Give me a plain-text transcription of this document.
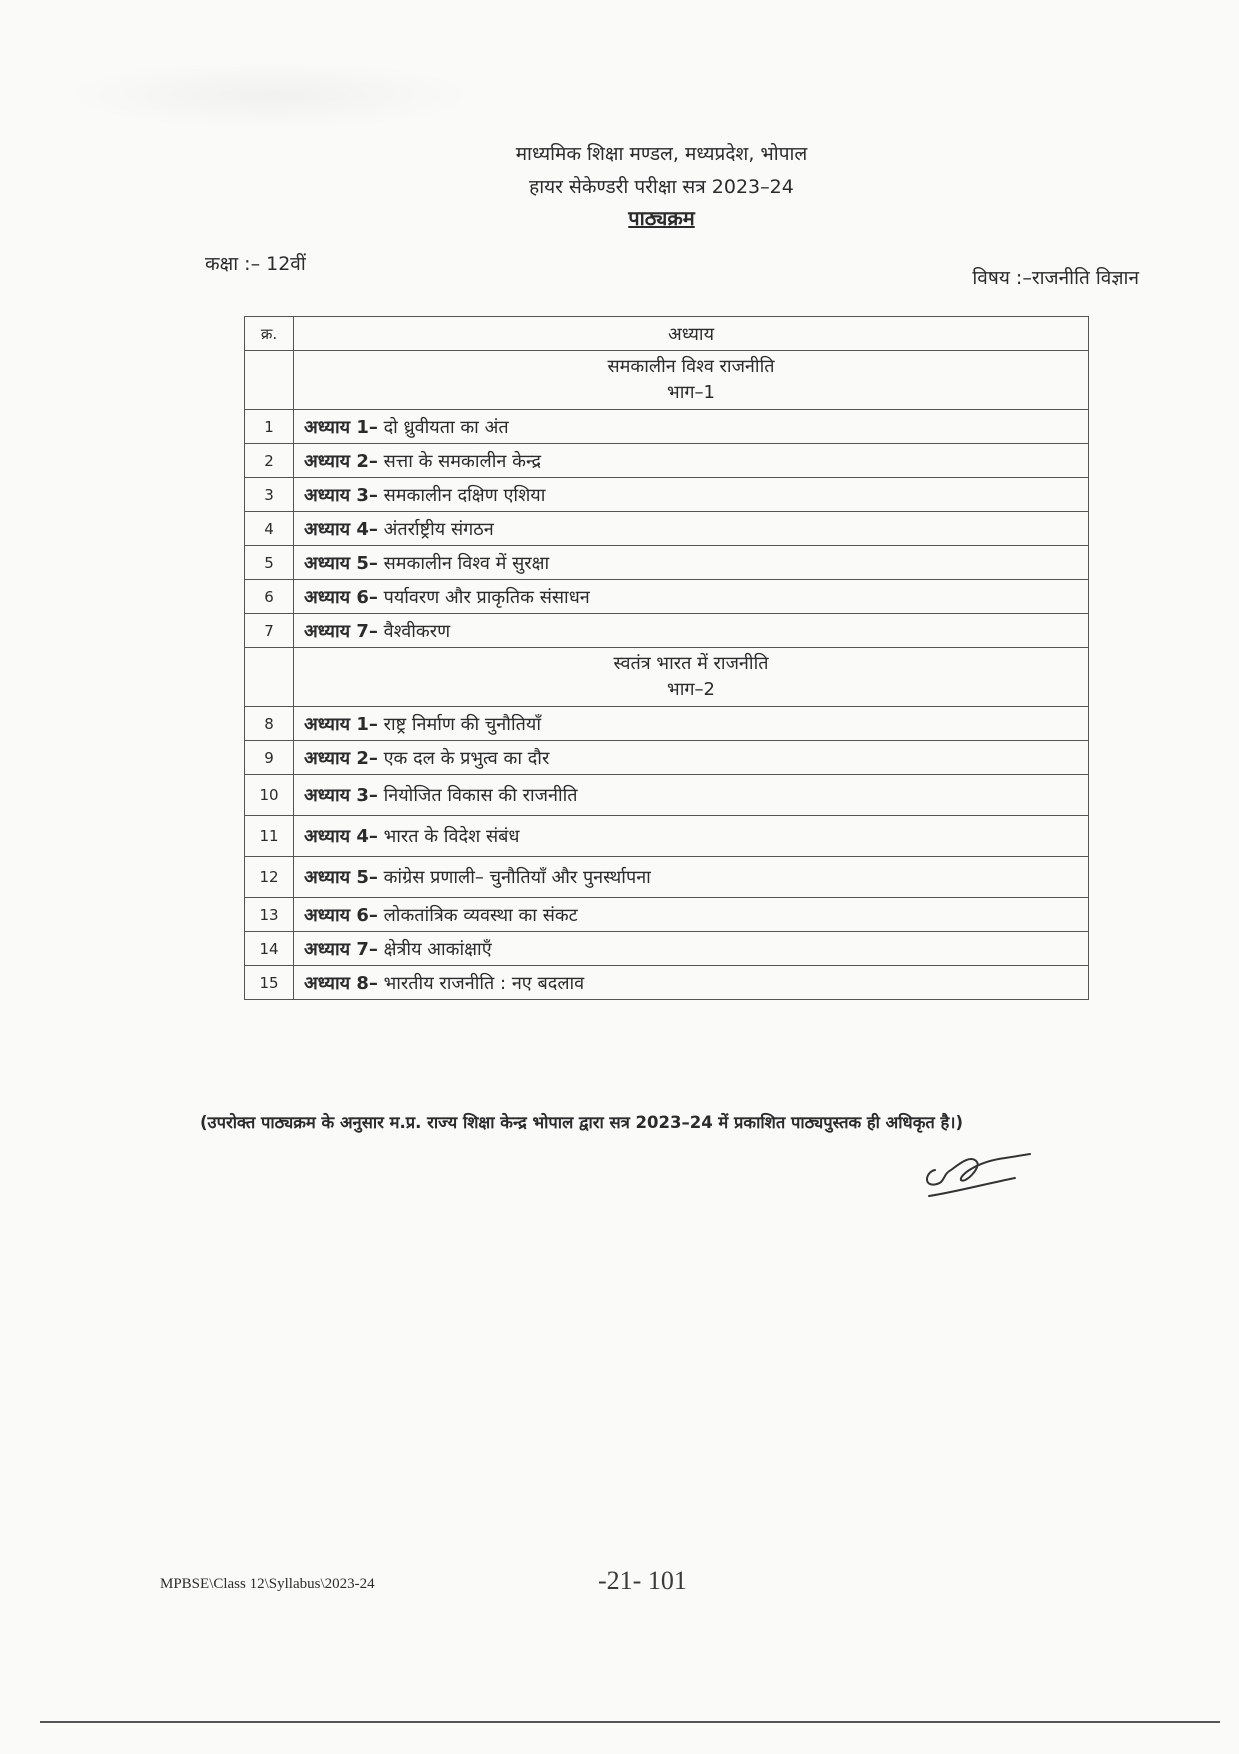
माध्यमिक शिक्षा मण्डल, मध्यप्रदेश, भोपाल
हायर सेकेण्डरी परीक्षा सत्र 2023–24
पाठ्यक्रम
कक्षा :– 12वीं
विषय :–राजनीति विज्ञान
क्र.	अध्याय

	समकालीन विश्व राजनीति
भाग–1

1	अध्याय 1– दो ध्रुवीयता का अंत
2	अध्याय 2– सत्ता के समकालीन केन्द्र
3	अध्याय 3– समकालीन दक्षिण एशिया
4	अध्याय 4– अंतर्राष्ट्रीय संगठन
5	अध्याय 5– समकालीन विश्व में सुरक्षा
6	अध्याय 6– पर्यावरण और प्राकृतिक संसाधन
7	अध्याय 7– वैश्वीकरण

	स्वतंत्र भारत में राजनीति
भाग–2

8	अध्याय 1– राष्ट्र निर्माण की चुनौतियाँ
9	अध्याय 2– एक दल के प्रभुत्व का दौर
10	अध्याय 3– नियोजित विकास की राजनीति
11	अध्याय 4– भारत के विदेश संबंध
12	अध्याय 5– कांग्रेस प्रणाली– चुनौतियाँ और पुनर्स्थापना
13	अध्याय 6– लोकतांत्रिक व्यवस्था का संकट
14	अध्याय 7– क्षेत्रीय आकांक्षाएँ
15	अध्याय 8– भारतीय राजनीति : नए बदलाव
(उपरोक्त पाठ्यक्रम के अनुसार म.प्र. राज्य शिक्षा केन्द्र भोपाल द्वारा सत्र 2023–24 में प्रकाशित पाठ्यपुस्तक ही अधिकृत है।)
MPBSE\Class 12\Syllabus\2023-24	-21- 101
